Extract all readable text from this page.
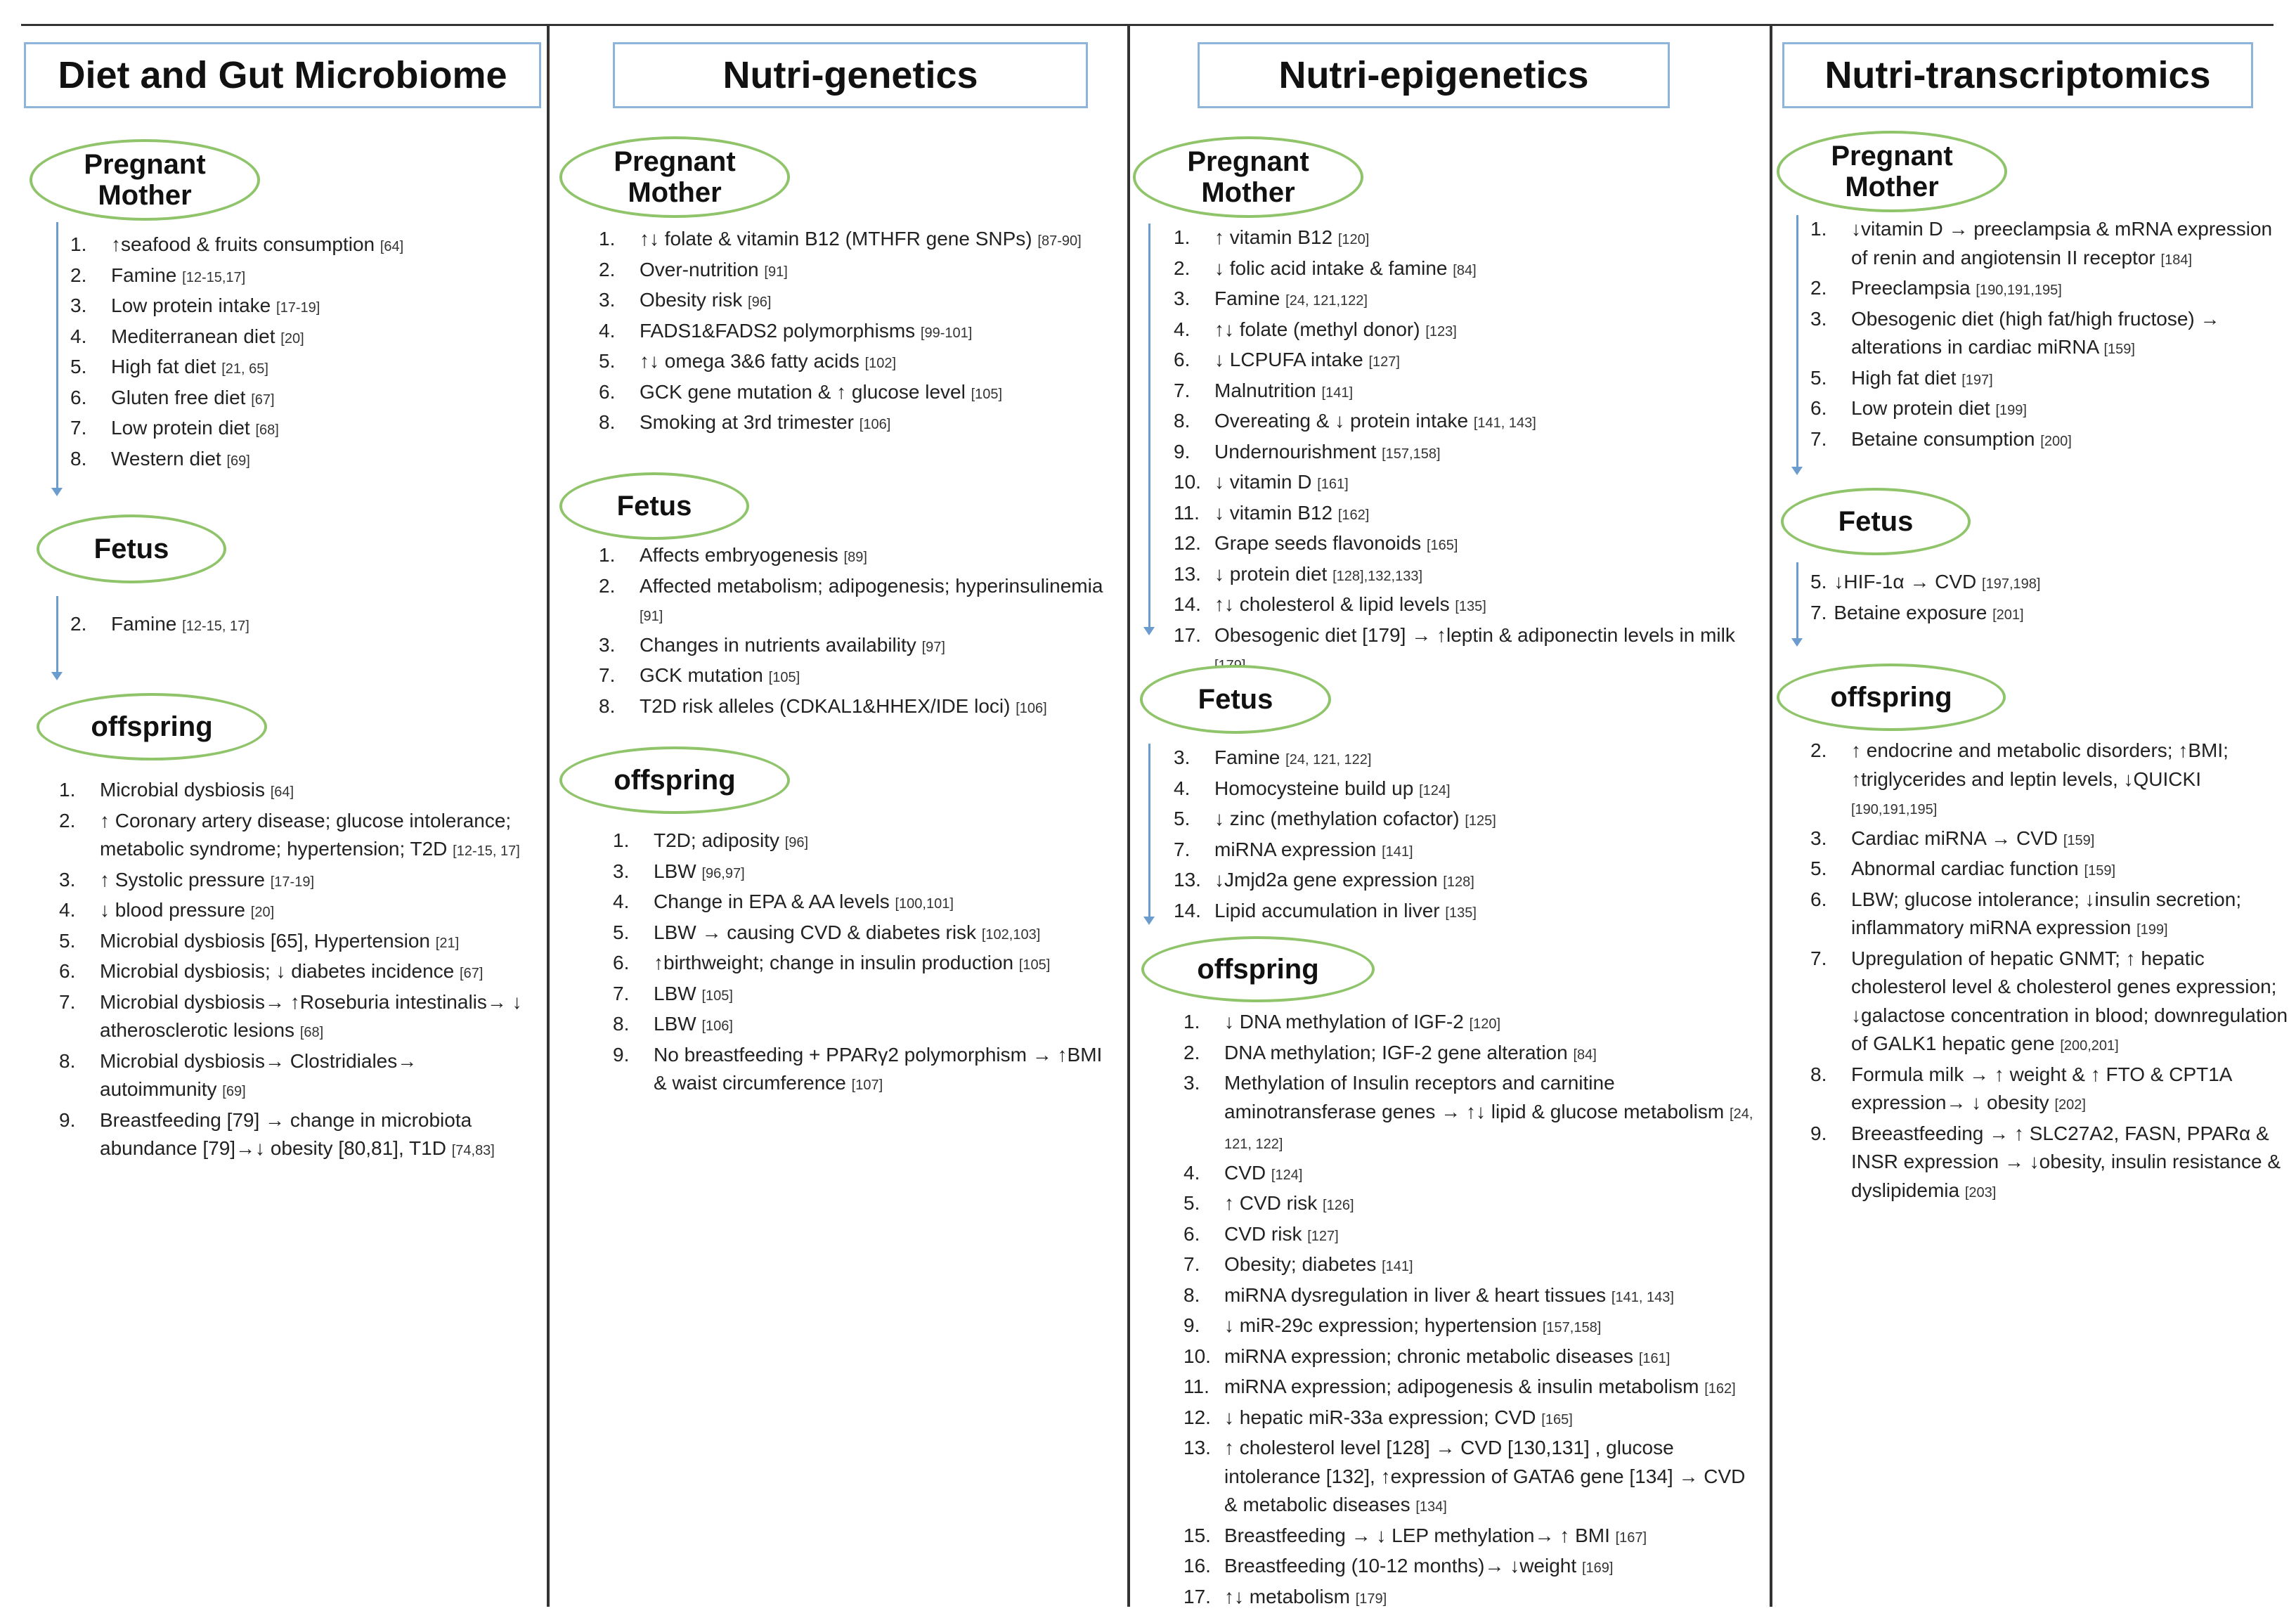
Diet and Gut Microbiome
Pregnant
Mother
1. ↑seafood & fruits consumption [64]
2. Famine [12-15,17]
3. Low protein intake [17-19]
4. Mediterranean diet [20]
5. High fat diet [21, 65]
6. Gluten free diet [67]
7. Low protein diet [68]
8. Western diet [69]
Fetus
2. Famine [12-15, 17]
offspring
1. Microbial dysbiosis [64]
2. ↑ Coronary artery disease; glucose intolerance; metabolic syndrome; hypertension; T2D [12-15, 17]
3. ↑ Systolic pressure [17-19]
4. ↓ blood pressure [20]
5. Microbial dysbiosis [65], Hypertension [21]
6. Microbial dysbiosis; ↓ diabetes incidence [67]
7. Microbial dysbiosis→ ↑Roseburia intestinalis→ ↓ atherosclerotic lesions [68]
8. Microbial dysbiosis→ Clostridiales→ autoimmunity [69]
9. Breastfeeding [79] → change in microbiota abundance [79]→↓ obesity [80,81], T1D [74,83]
Nutri-genetics
Pregnant
Mother
1. ↑↓ folate & vitamin B12 (MTHFR gene SNPs) [87-90]
2. Over-nutrition [91]
3. Obesity risk [96]
4. FADS1&FADS2 polymorphisms [99-101]
5. ↑↓ omega 3&6 fatty acids [102]
6. GCK gene mutation & ↑ glucose level [105]
8. Smoking at 3rd trimester [106]
Fetus
1. Affects embryogenesis [89]
2. Affected metabolism; adipogenesis; hyperinsulinemia [91]
3. Changes in nutrients availability [97]
7. GCK mutation [105]
8. T2D risk alleles (CDKAL1&HHEX/IDE loci) [106]
offspring
1. T2D; adiposity [96]
3. LBW [96,97]
4. Change in EPA & AA levels [100,101]
5. LBW → causing CVD & diabetes risk [102,103]
6. ↑birthweight; change in insulin production [105]
7. LBW [105]
8. LBW [106]
9. No breastfeeding + PPARγ2 polymorphism → ↑BMI & waist circumference [107]
Nutri-epigenetics
Pregnant
Mother
1. ↑ vitamin B12 [120]
2. ↓ folic acid intake & famine [84]
3. Famine [24, 121,122]
4. ↑↓ folate (methyl donor) [123]
6. ↓ LCPUFA intake [127]
7. Malnutrition [141]
8. Overeating & ↓ protein intake [141, 143]
9. Undernourishment [157,158]
10. ↓ vitamin D [161]
11. ↓ vitamin B12 [162]
12. Grape seeds flavonoids [165]
13. ↓ protein diet [128],132,133]
14. ↑↓ cholesterol & lipid levels [135]
17. Obesogenic diet [179] → ↑leptin & adiponectin levels in milk
Fetus
3. Famine [24, 121, 122]
4. Homocysteine build up [124]
5. ↓ zinc (methylation cofactor) [125]
7. miRNA expression [141]
13. ↓Jmjd2a gene expression [128]
14. Lipid accumulation in liver [135]
offspring
1. ↓ DNA methylation of IGF-2 [120]
2. DNA methylation; IGF-2 gene alteration [84]
3. Methylation of Insulin receptors and carnitine aminotransferase genes → ↑↓ lipid & glucose metabolism [24, 121, 122]
4. CVD [124]
5. ↑ CVD risk [126]
6. CVD risk [127]
7. Obesity; diabetes [141]
8. miRNA dysregulation in liver & heart tissues [141, 143]
9. ↓ miR-29c expression; hypertension [157,158]
10. miRNA expression; chronic metabolic diseases [161]
11. miRNA expression; adipogenesis & insulin metabolism [162]
12. ↓ hepatic miR-33a expression; CVD [165]
13. ↑ cholesterol level [128] → CVD [130,131] , glucose intolerance [132], ↑expression of GATA6 gene [134] → CVD & metabolic diseases [134]
15. Breastfeeding → ↓ LEP methylation→ ↑ BMI [167]
16. Breastfeeding (10-12 months)→ ↓weight [169]
17. ↑↓ metabolism [179]
Nutri-transcriptomics
Pregnant
Mother
1. ↓vitamin D → preeclampsia & mRNA expression of renin and angiotensin II receptor [184]
2. Preeclampsia [190,191,195]
3. Obesogenic diet (high fat/high fructose) → alterations in cardiac miRNA [159]
5. High fat diet [197]
6. Low protein diet [199]
7. Betaine consumption [200]
Fetus
5. ↓HIF-1α → CVD [197,198]
7. Betaine exposure [201]
offspring
2. ↑ endocrine and metabolic disorders; ↑BMI; ↑triglycerides and leptin levels, ↓QUICKI [190,191,195]
3. Cardiac miRNA → CVD [159]
5. Abnormal cardiac function [159]
6. LBW; glucose intolerance; ↓insulin secretion; inflammatory miRNA expression [199]
7. Upregulation of hepatic GNMT; ↑ hepatic cholesterol level & cholesterol genes expression; ↓galactose concentration in blood; downregulation of GALK1 hepatic gene [200,201]
8. Formula milk → ↑ weight & ↑ FTO & CPT1A expression→ ↓ obesity [202]
9. Breeastfeeding → ↑ SLC27A2, FASN, PPARα & INSR expression → ↓obesity, insulin resistance & dyslipidemia [203]
